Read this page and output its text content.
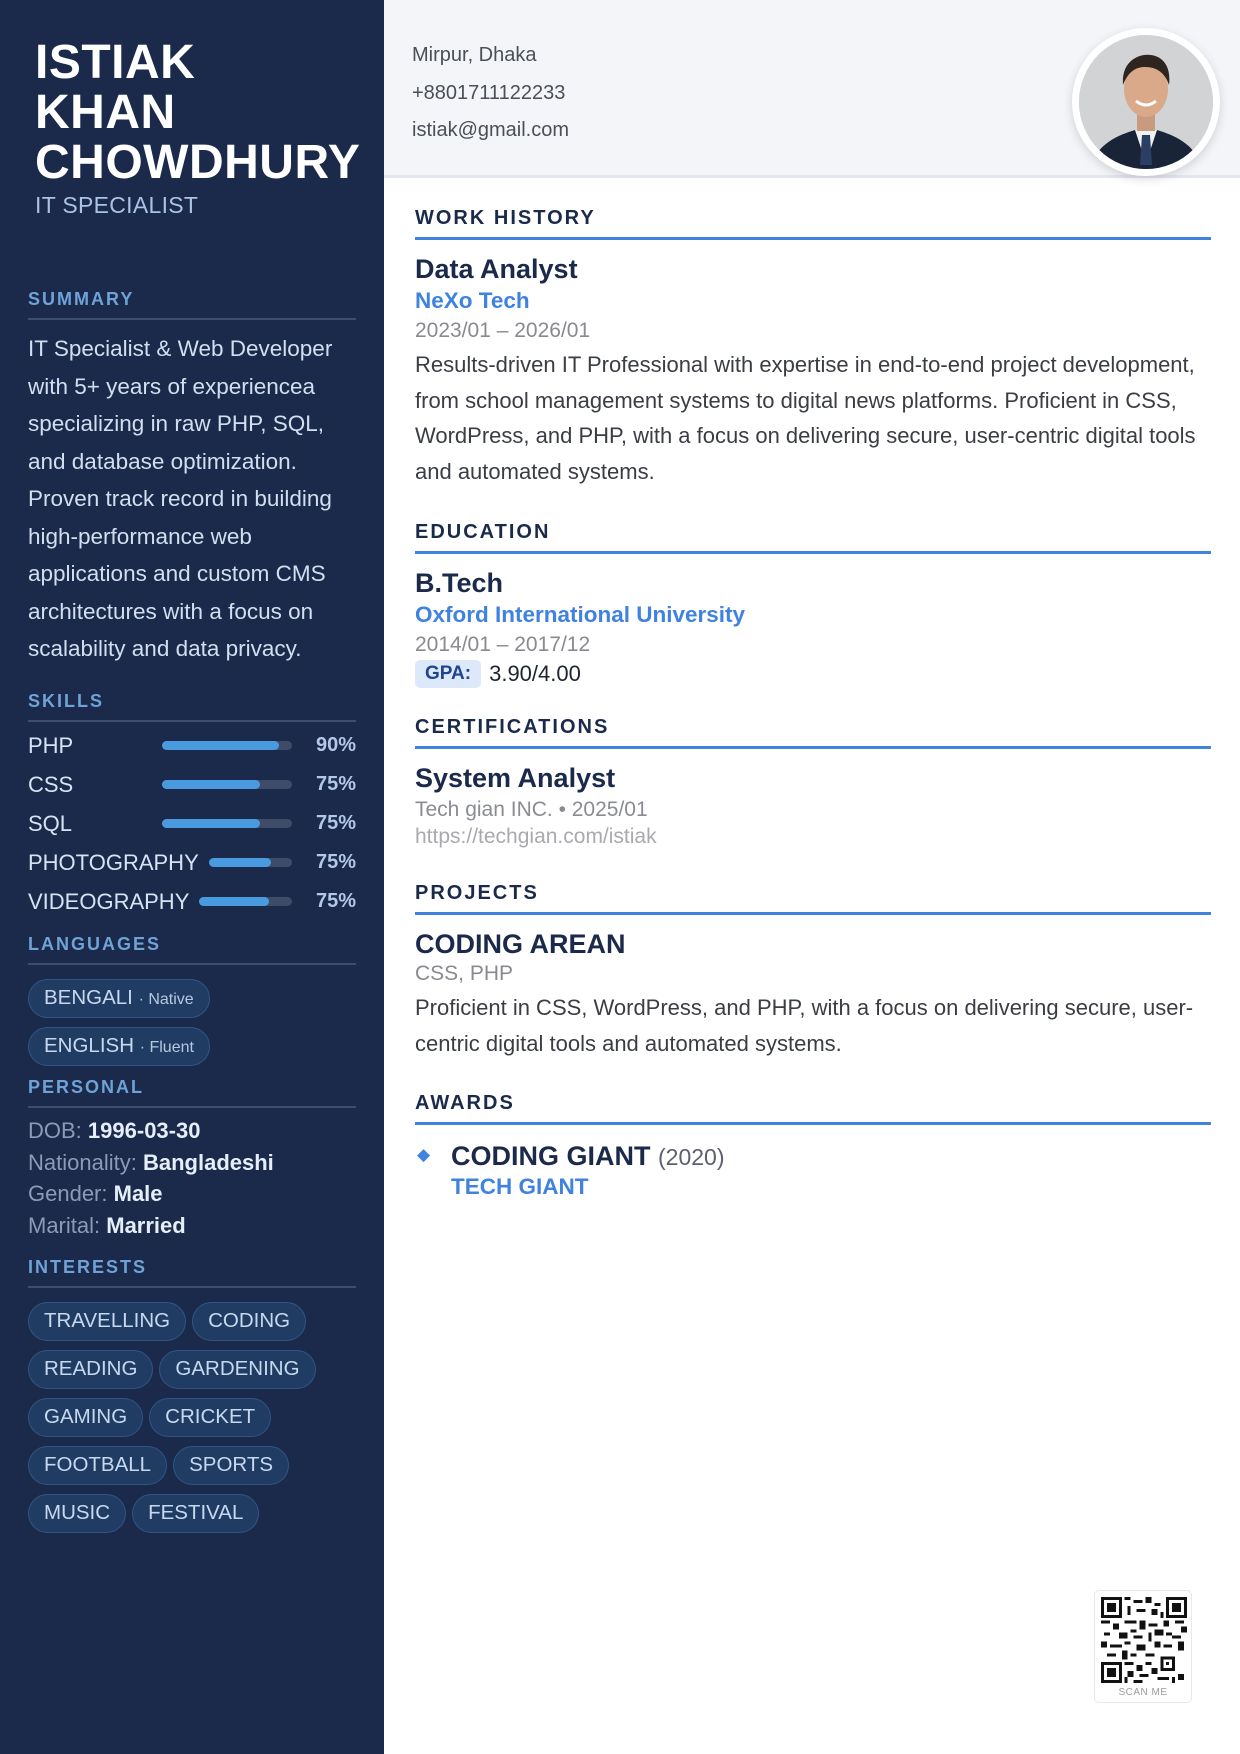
ISTIAK
KHAN
CHOWDHURY
IT SPECIALIST
SUMMARY

IT Specialist & Web Developer with 5+ years of experiencea specializing in raw PHP, SQL, and database optimization. Proven track record in building high-performance web applications and custom CMS architectures with a focus on scalability and data privacy.

SKILLS
PHP	90%
CSS	75%
SQL	75%
PHOTOGRAPHY	75%
VIDEOGRAPHY	75%
LANGUAGES
BENGALI · Native
ENGLISH · Fluent
PERSONAL
DOB: 1996-03-30
Nationality: Bangladeshi
Gender: Male
Marital: Married
INTERESTS
TRAVELLING CODING
READING GARDENING
GAMING CRICKET
FOOTBALL SPORTS
MUSIC FESTIVAL
Mirpur, Dhaka
+8801711122233
istiak@gmail.com
WORK HISTORY
Data Analyst
NeXo Tech
2023/01 – 2026/01

Results-driven IT Professional with expertise in end-to-end project development, from school management systems to digital news platforms. Proficient in CSS, WordPress, and PHP, with a focus on delivering secure, user-centric digital tools and automated systems.

EDUCATION
B.Tech
Oxford International University
2014/01 – 2017/12
GPA: 3.90/4.00
CERTIFICATIONS
System Analyst
Tech gian INC. • 2025/01
https://techgian.com/istiak
PROJECTS
CODING AREAN
CSS, PHP

Proficient in CSS, WordPress, and PHP, with a focus on delivering secure, user-centric digital tools and automated systems.

AWARDS
◆ CODING GIANT (2020)
TECH GIANT
SCAN ME
